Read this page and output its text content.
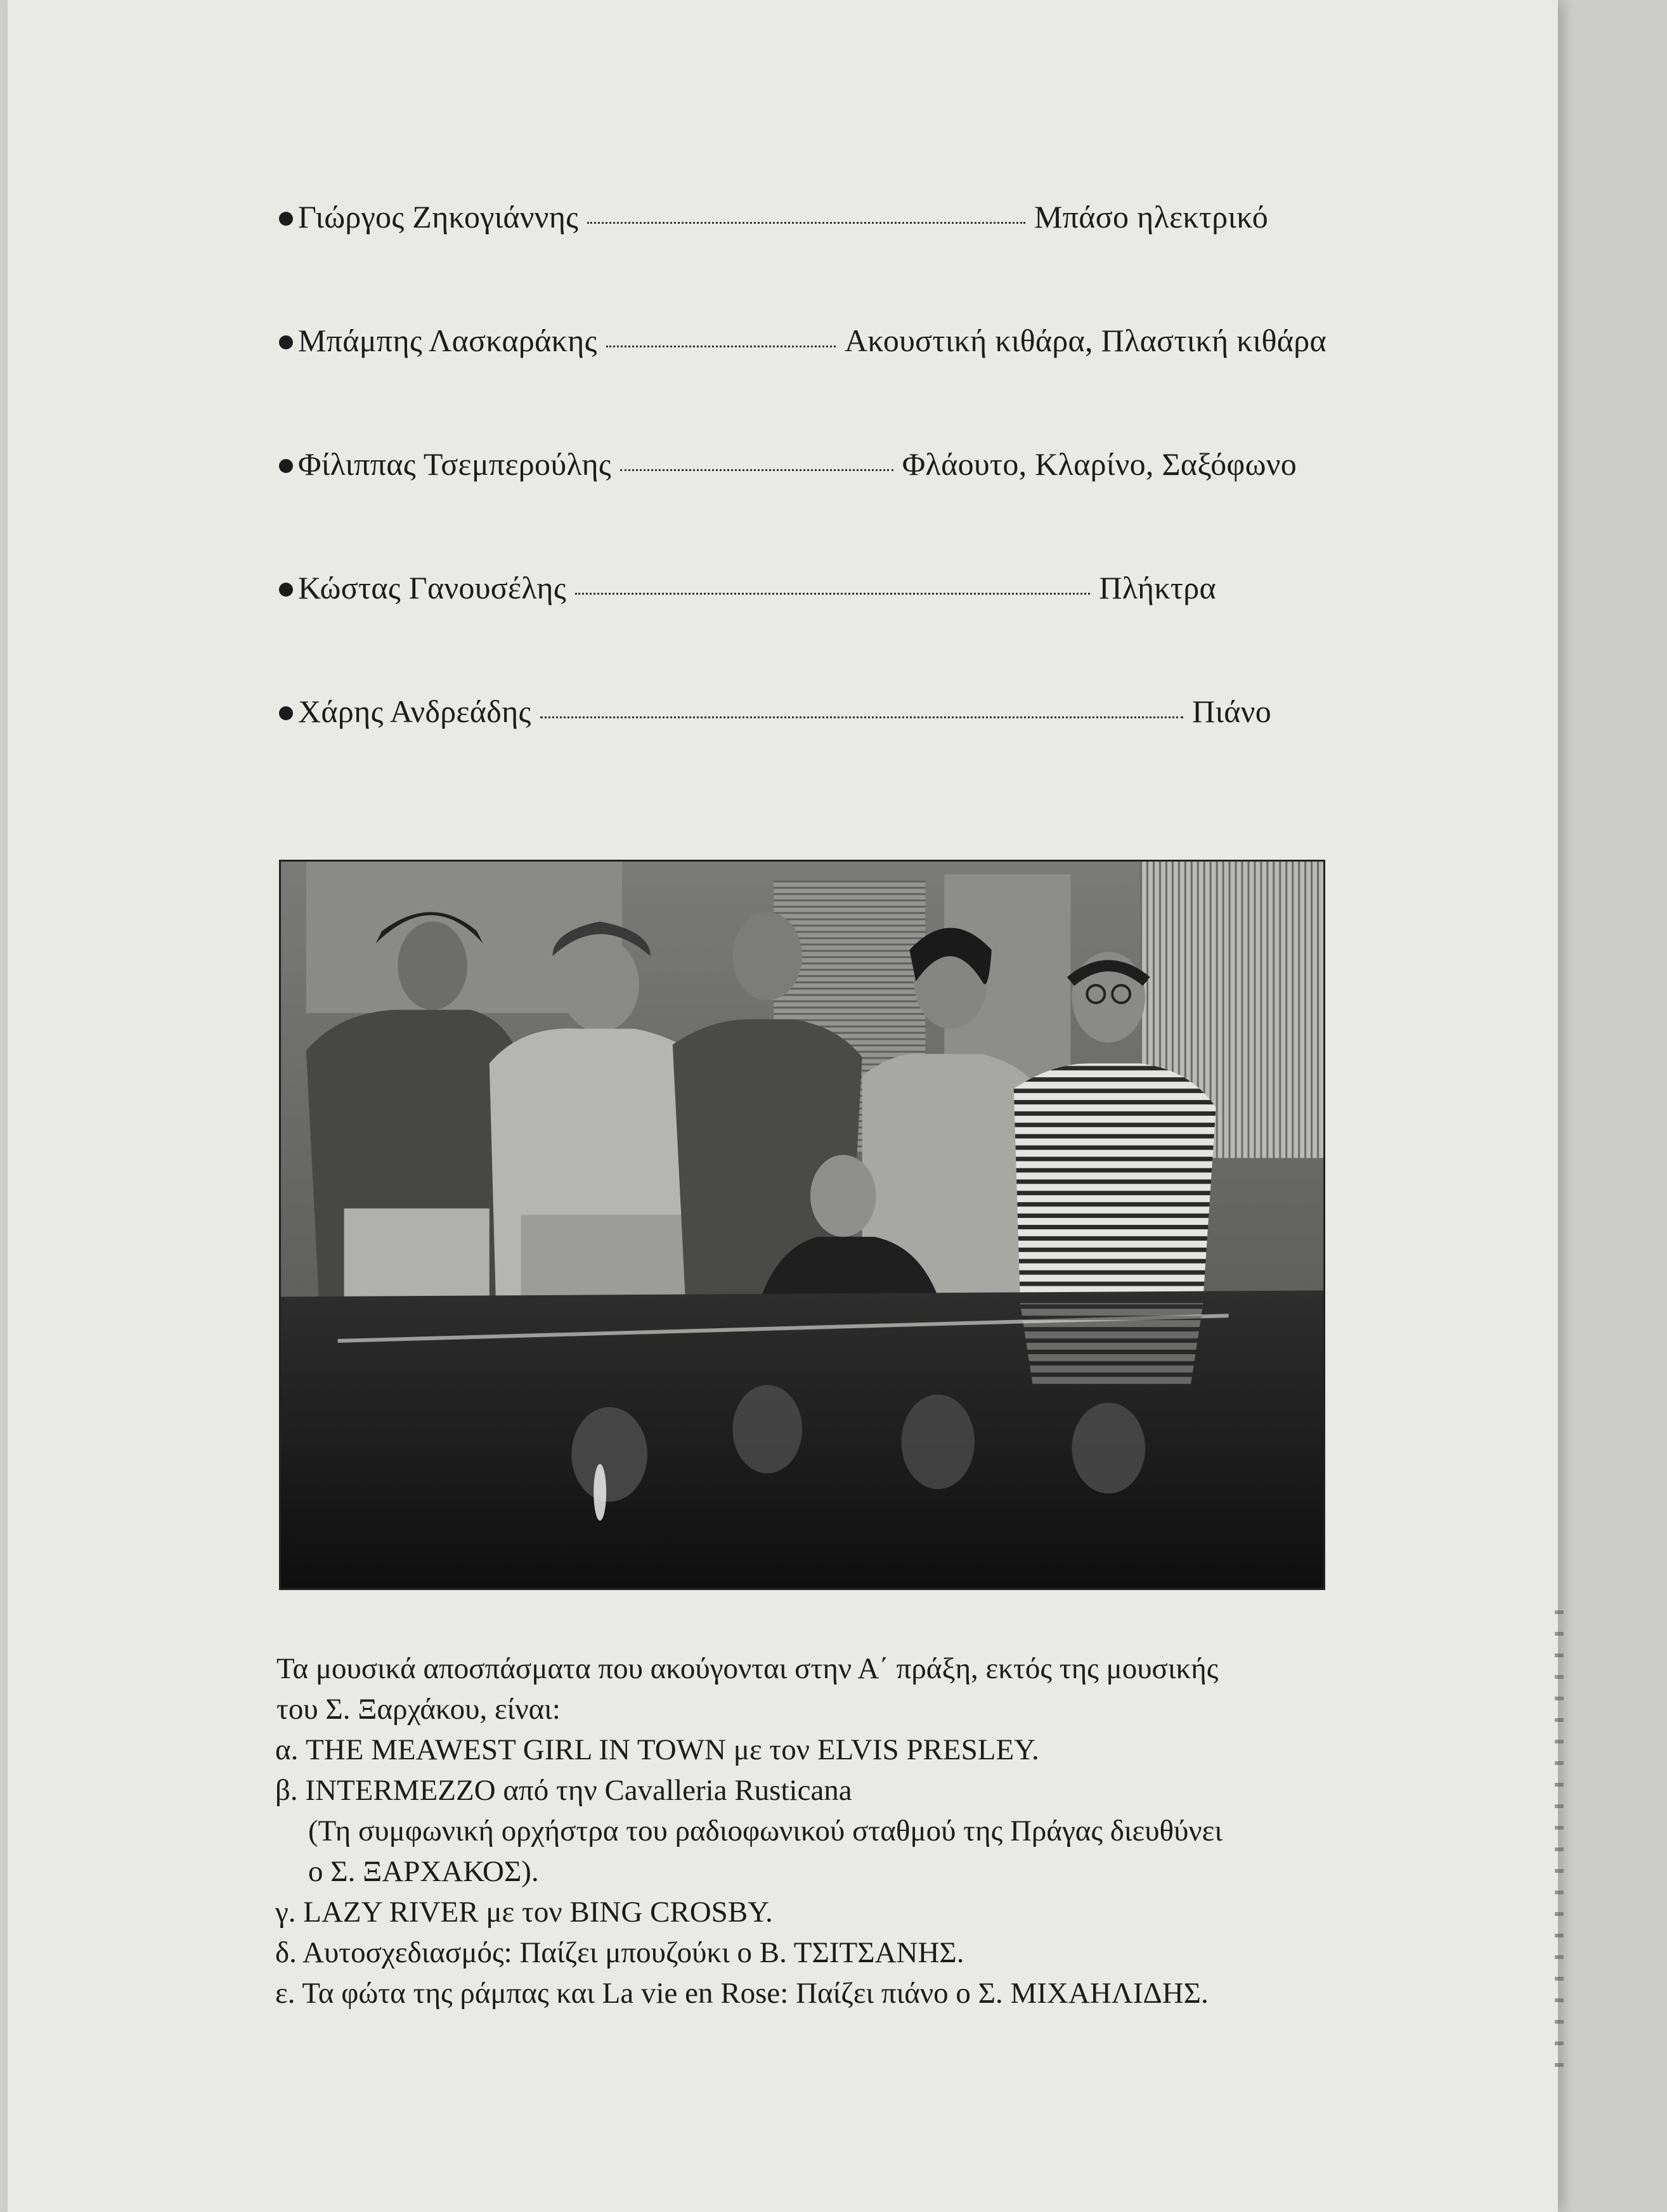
Γιώργος Ζηκογιάννης	Μπάσο ηλεκτρικό
Μπάμπης Λασκαράκης	Ακουστική κιθάρα, Πλαστική κιθάρα
Φίλιππας Τσεμπερούλης	Φλάουτο, Κλαρίνο, Σαξόφωνο
Κώστας Γανουσέλης	Πλήκτρα
Χάρης Ανδρεάδης	Πιάνο

Τα μουσικά αποσπάσματα που ακούγονται στην Α΄ πράξη, εκτός της μουσικής

του Σ. Ξαρχάκου, είναι:

α. THE MEAWEST GIRL IN TOWN με τον ELVIS PRESLEY.

β. INTERMEZZO από την Cavalleria Rusticana

(Τη συμφωνική ορχήστρα του ραδιοφωνικού σταθμού της Πράγας διευθύνει

ο Σ. ΞΑΡΧΑΚΟΣ).

γ. LAZY RIVER με τον BING CROSBY.

δ. Αυτοσχεδιασμός: Παίζει μπουζούκι ο Β. ΤΣΙΤΣΑΝΗΣ.

ε. Τα φώτα της ράμπας και La vie en Rose: Παίζει πιάνο ο Σ. ΜΙΧΑΗΛΙΔΗΣ.
